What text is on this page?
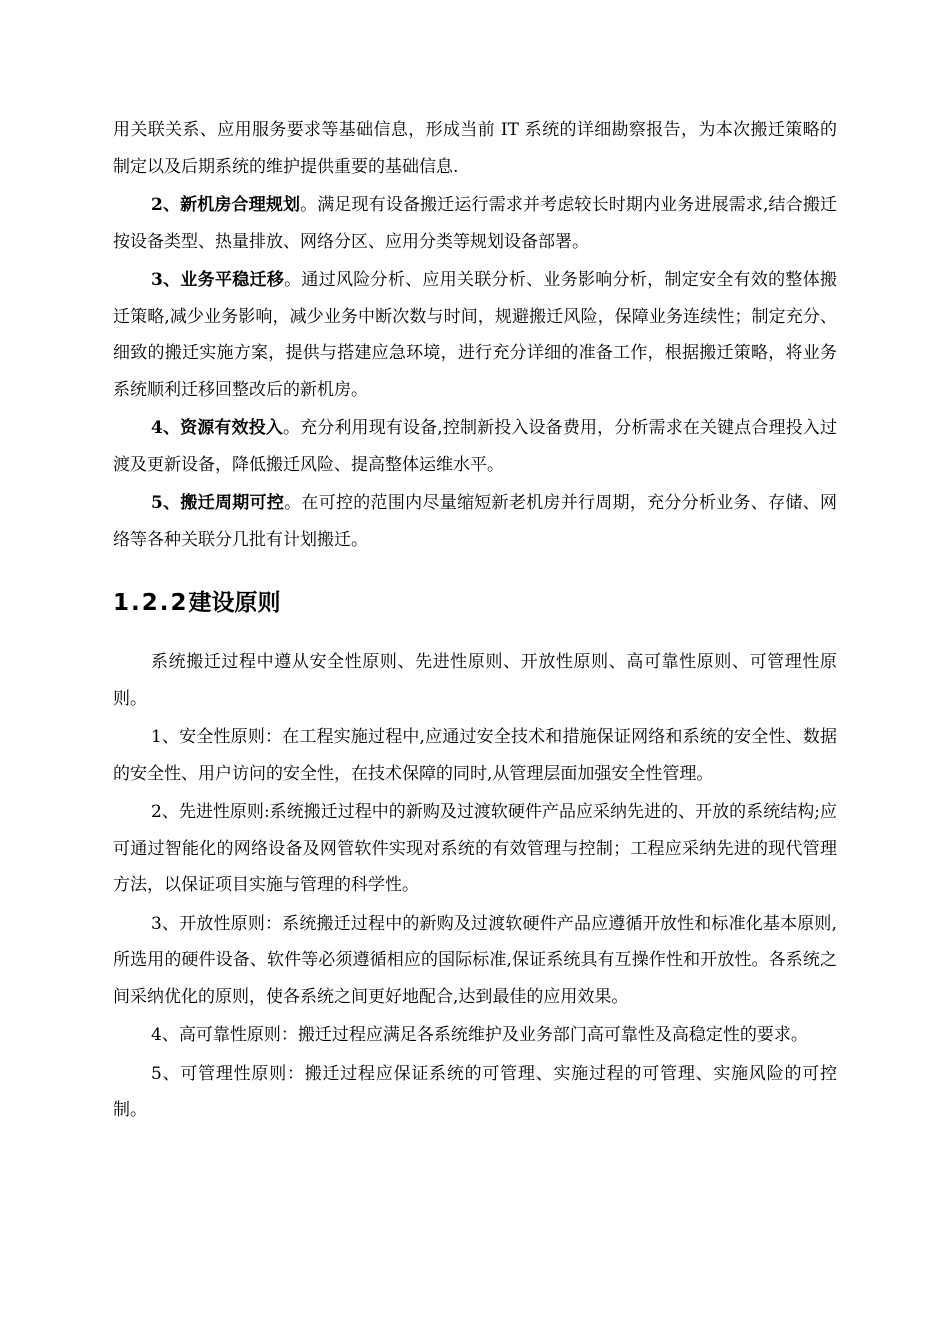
用关联关系、应用服务要求等基础信息，形成当前 IT 系统的详细勘察报告，为本次搬迁策略的制定以及后期系统的维护提供重要的基础信息.

2、新机房合理规划。满足现有设备搬迁运行需求并考虑较长时期内业务进展需求,结合搬迁按设备类型、热量排放、网络分区、应用分类等规划设备部署。

3、业务平稳迁移。通过风险分析、应用关联分析、业务影响分析，制定安全有效的整体搬迁策略,减少业务影响，减少业务中断次数与时间，规避搬迁风险，保障业务连续性；制定充分、细致的搬迁实施方案，提供与搭建应急环境，进行充分详细的准备工作，根据搬迁策略，将业务系统顺利迁移回整改后的新机房。

4、资源有效投入。充分利用现有设备,控制新投入设备费用，分析需求在关键点合理投入过渡及更新设备，降低搬迁风险、提高整体运维水平。

5、搬迁周期可控。在可控的范围内尽量缩短新老机房并行周期，充分分析业务、存储、网络等各种关联分几批有计划搬迁。

1.2.2建设原则

系统搬迁过程中遵从安全性原则、先进性原则、开放性原则、高可靠性原则、可管理性原则。

1、安全性原则：在工程实施过程中,应通过安全技术和措施保证网络和系统的安全性、数据的安全性、用户访问的安全性，在技术保障的同时,从管理层面加强安全性管理。

2、先进性原则:系统搬迁过程中的新购及过渡软硬件产品应采纳先进的、开放的系统结构;应可通过智能化的网络设备及网管软件实现对系统的有效管理与控制；工程应采纳先进的现代管理方法，以保证项目实施与管理的科学性。

3、开放性原则：系统搬迁过程中的新购及过渡软硬件产品应遵循开放性和标准化基本原则,所选用的硬件设备、软件等必须遵循相应的国际标准,保证系统具有互操作性和开放性。各系统之间采纳优化的原则，使各系统之间更好地配合,达到最佳的应用效果。

4、高可靠性原则：搬迁过程应满足各系统维护及业务部门高可靠性及高稳定性的要求。

5、可管理性原则：搬迁过程应保证系统的可管理、实施过程的可管理、实施风险的可控制。
